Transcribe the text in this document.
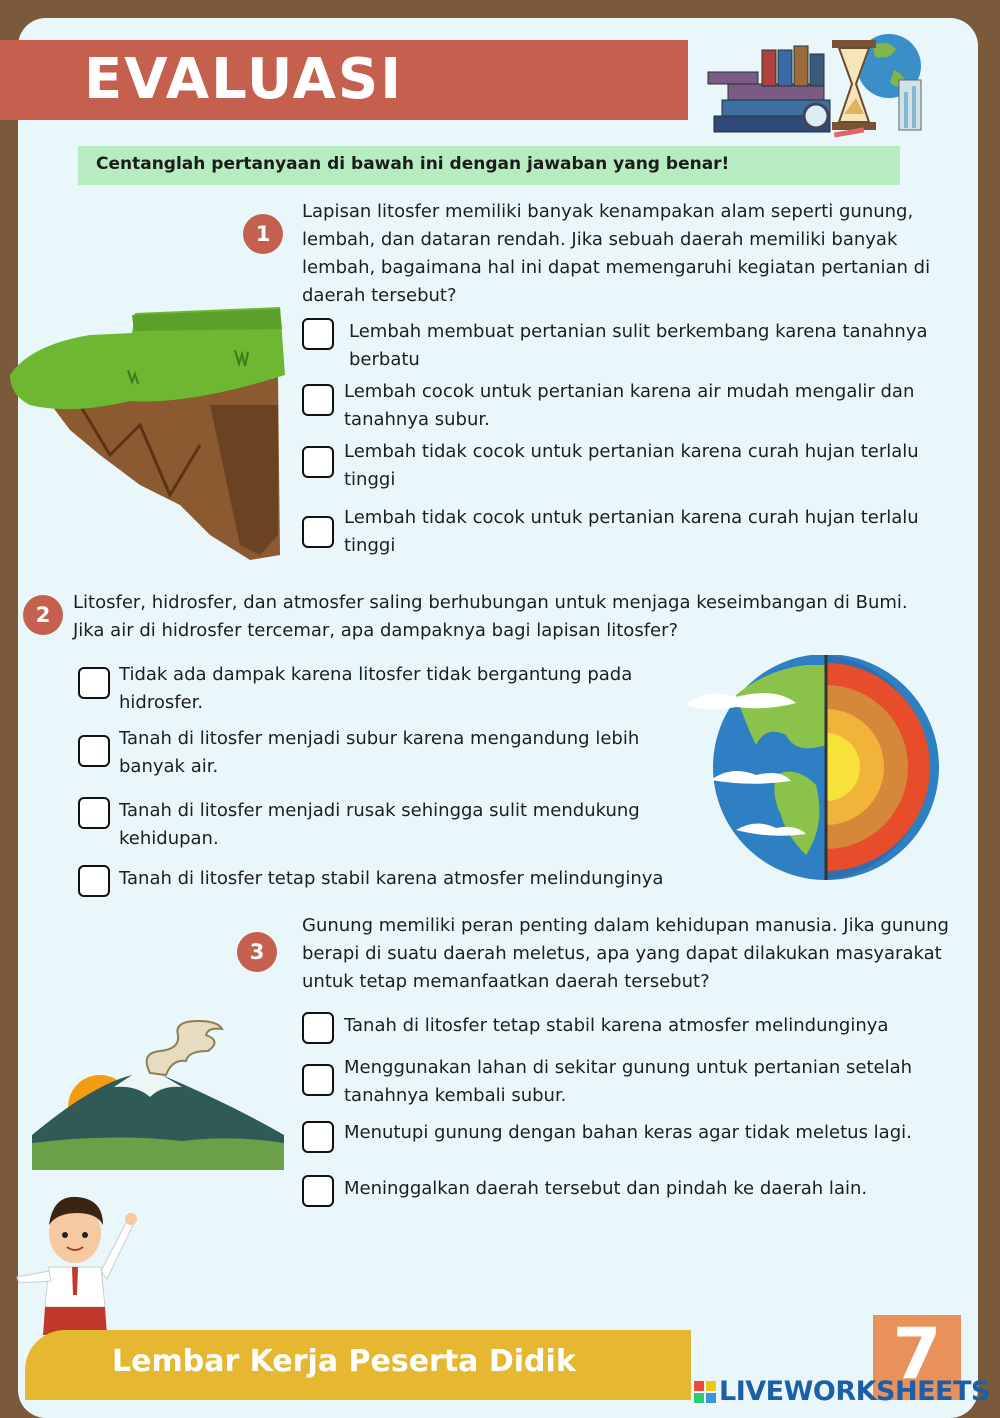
EVALUASI
Centanglah pertanyaan di bawah ini dengan jawaban yang benar!
1
Lapisan litosfer memiliki banyak kenampakan alam seperti gunung, lembah, dan dataran rendah. Jika sebuah daerah memiliki banyak lembah, bagaimana hal ini dapat memengaruhi kegiatan pertanian di daerah tersebut?
Lembah membuat pertanian sulit berkembang karena tanahnya berbatu
Lembah cocok untuk pertanian karena air mudah mengalir dan tanahnya subur.
Lembah tidak cocok untuk pertanian karena curah hujan terlalu tinggi
Lembah tidak cocok untuk pertanian karena curah hujan terlalu tinggi
2
Litosfer, hidrosfer, dan atmosfer saling berhubungan untuk menjaga keseimbangan di Bumi. Jika air di hidrosfer tercemar, apa dampaknya bagi lapisan litosfer?
Tidak ada dampak karena litosfer tidak bergantung pada hidrosfer.
Tanah di litosfer menjadi subur karena mengandung lebih banyak air.
Tanah di litosfer menjadi rusak sehingga sulit mendukung kehidupan.
Tanah di litosfer tetap stabil karena atmosfer melindunginya
3
Gunung memiliki peran penting dalam kehidupan manusia. Jika gunung berapi di suatu daerah meletus, apa yang dapat dilakukan masyarakat untuk tetap memanfaatkan daerah tersebut?
Tanah di litosfer tetap stabil karena atmosfer melindunginya
Menggunakan lahan di sekitar gunung untuk pertanian setelah tanahnya kembali subur.
Menutupi gunung dengan bahan keras agar tidak meletus lagi.
Meninggalkan daerah tersebut dan pindah ke daerah lain.
Lembar Kerja Peserta Didik	7
LIVEWORKSHEETS
